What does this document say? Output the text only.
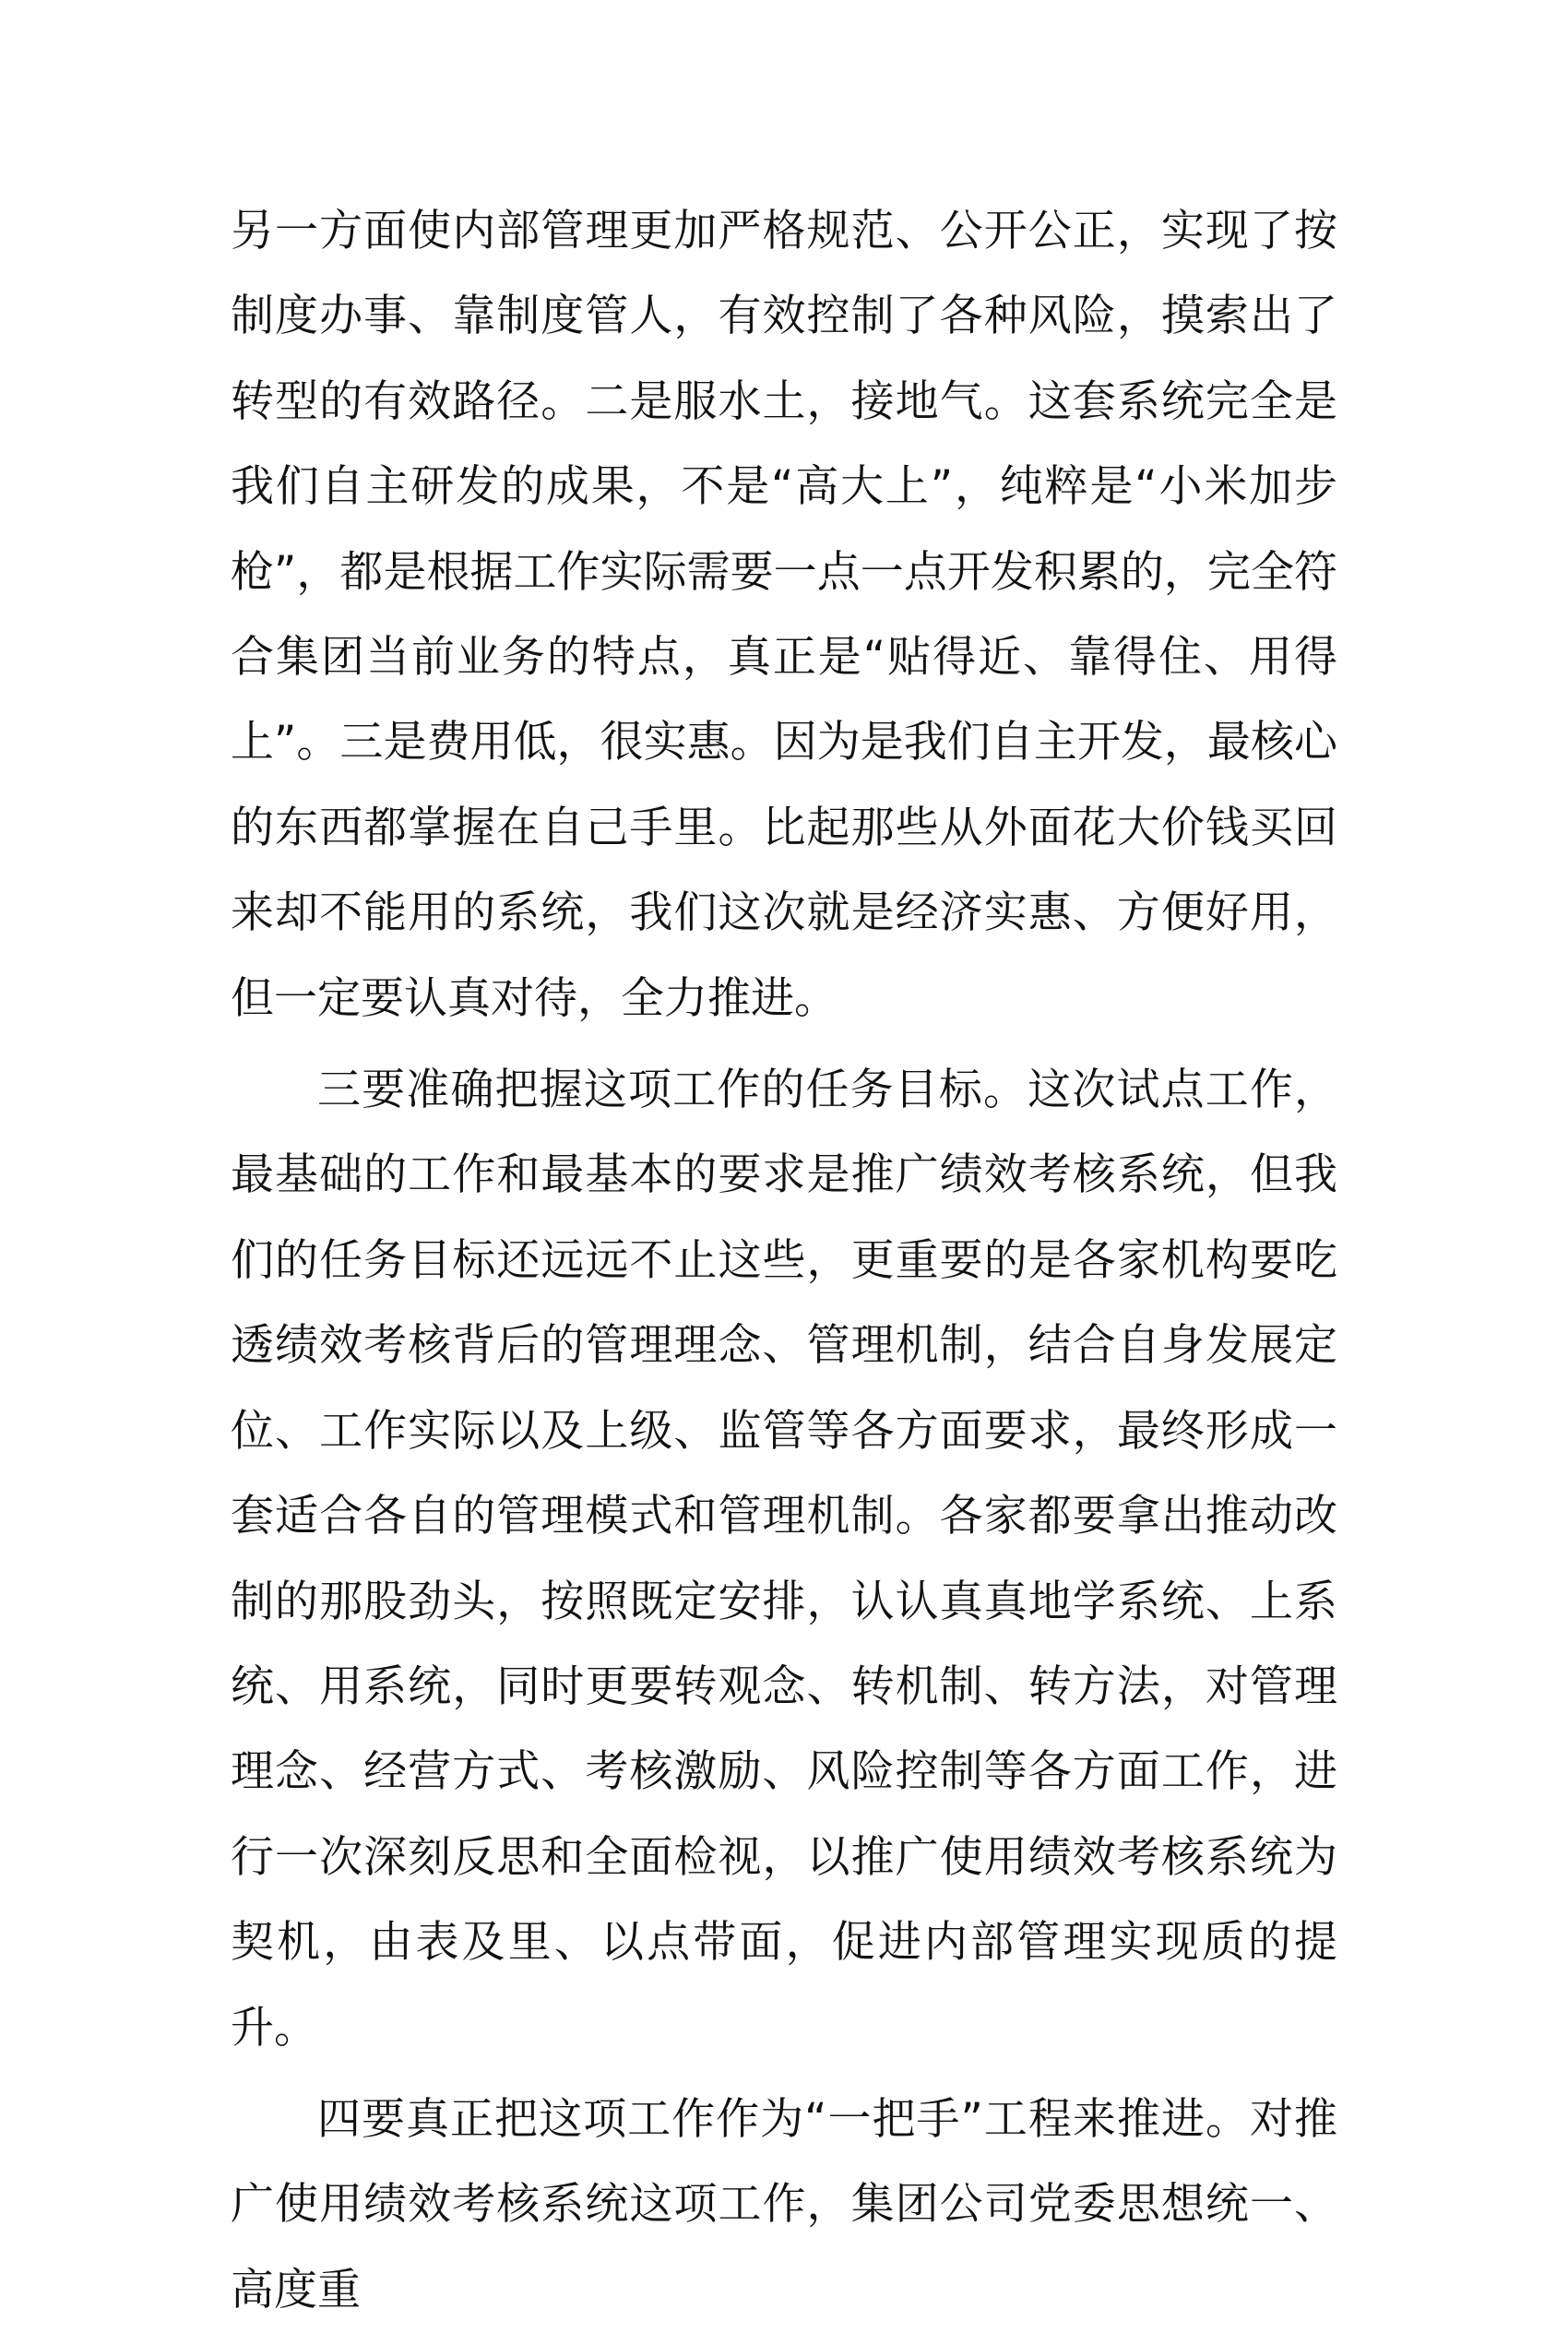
另一方面使内部管理更加严格规范、公开公正，实现了按制度办事、靠制度管人，有效控制了各种风险，摸索出了转型的有效路径。二是服水土，接地气。这套系统完全是我们自主研发的成果，不是“高大上”，纯粹是“小米加步枪”，都是根据工作实际需要一点一点开发积累的，完全符合集团当前业务的特点，真正是“贴得近、靠得住、用得上”。三是费用低，很实惠。因为是我们自主开发，最核心的东西都掌握在自己手里。比起那些从外面花大价钱买回来却不能用的系统，我们这次就是经济实惠、方便好用，但一定要认真对待，全力推进。

三要准确把握这项工作的任务目标。这次试点工作，最基础的工作和最基本的要求是推广绩效考核系统，但我们的任务目标还远远不止这些，更重要的是各家机构要吃透绩效考核背后的管理理念、管理机制，结合自身发展定位、工作实际以及上级、监管等各方面要求，最终形成一套适合各自的管理模式和管理机制。各家都要拿出推动改制的那股劲头，按照既定安排，认认真真地学系统、上系统、用系统，同时更要转观念、转机制、转方法，对管理理念、经营方式、考核激励、风险控制等各方面工作，进行一次深刻反思和全面检视，以推广使用绩效考核系统为契机，由表及里、以点带面，促进内部管理实现质的提升。

四要真正把这项工作作为“一把手”工程来推进。对推广使用绩效考核系统这项工作，集团公司党委思想统一、高度重
